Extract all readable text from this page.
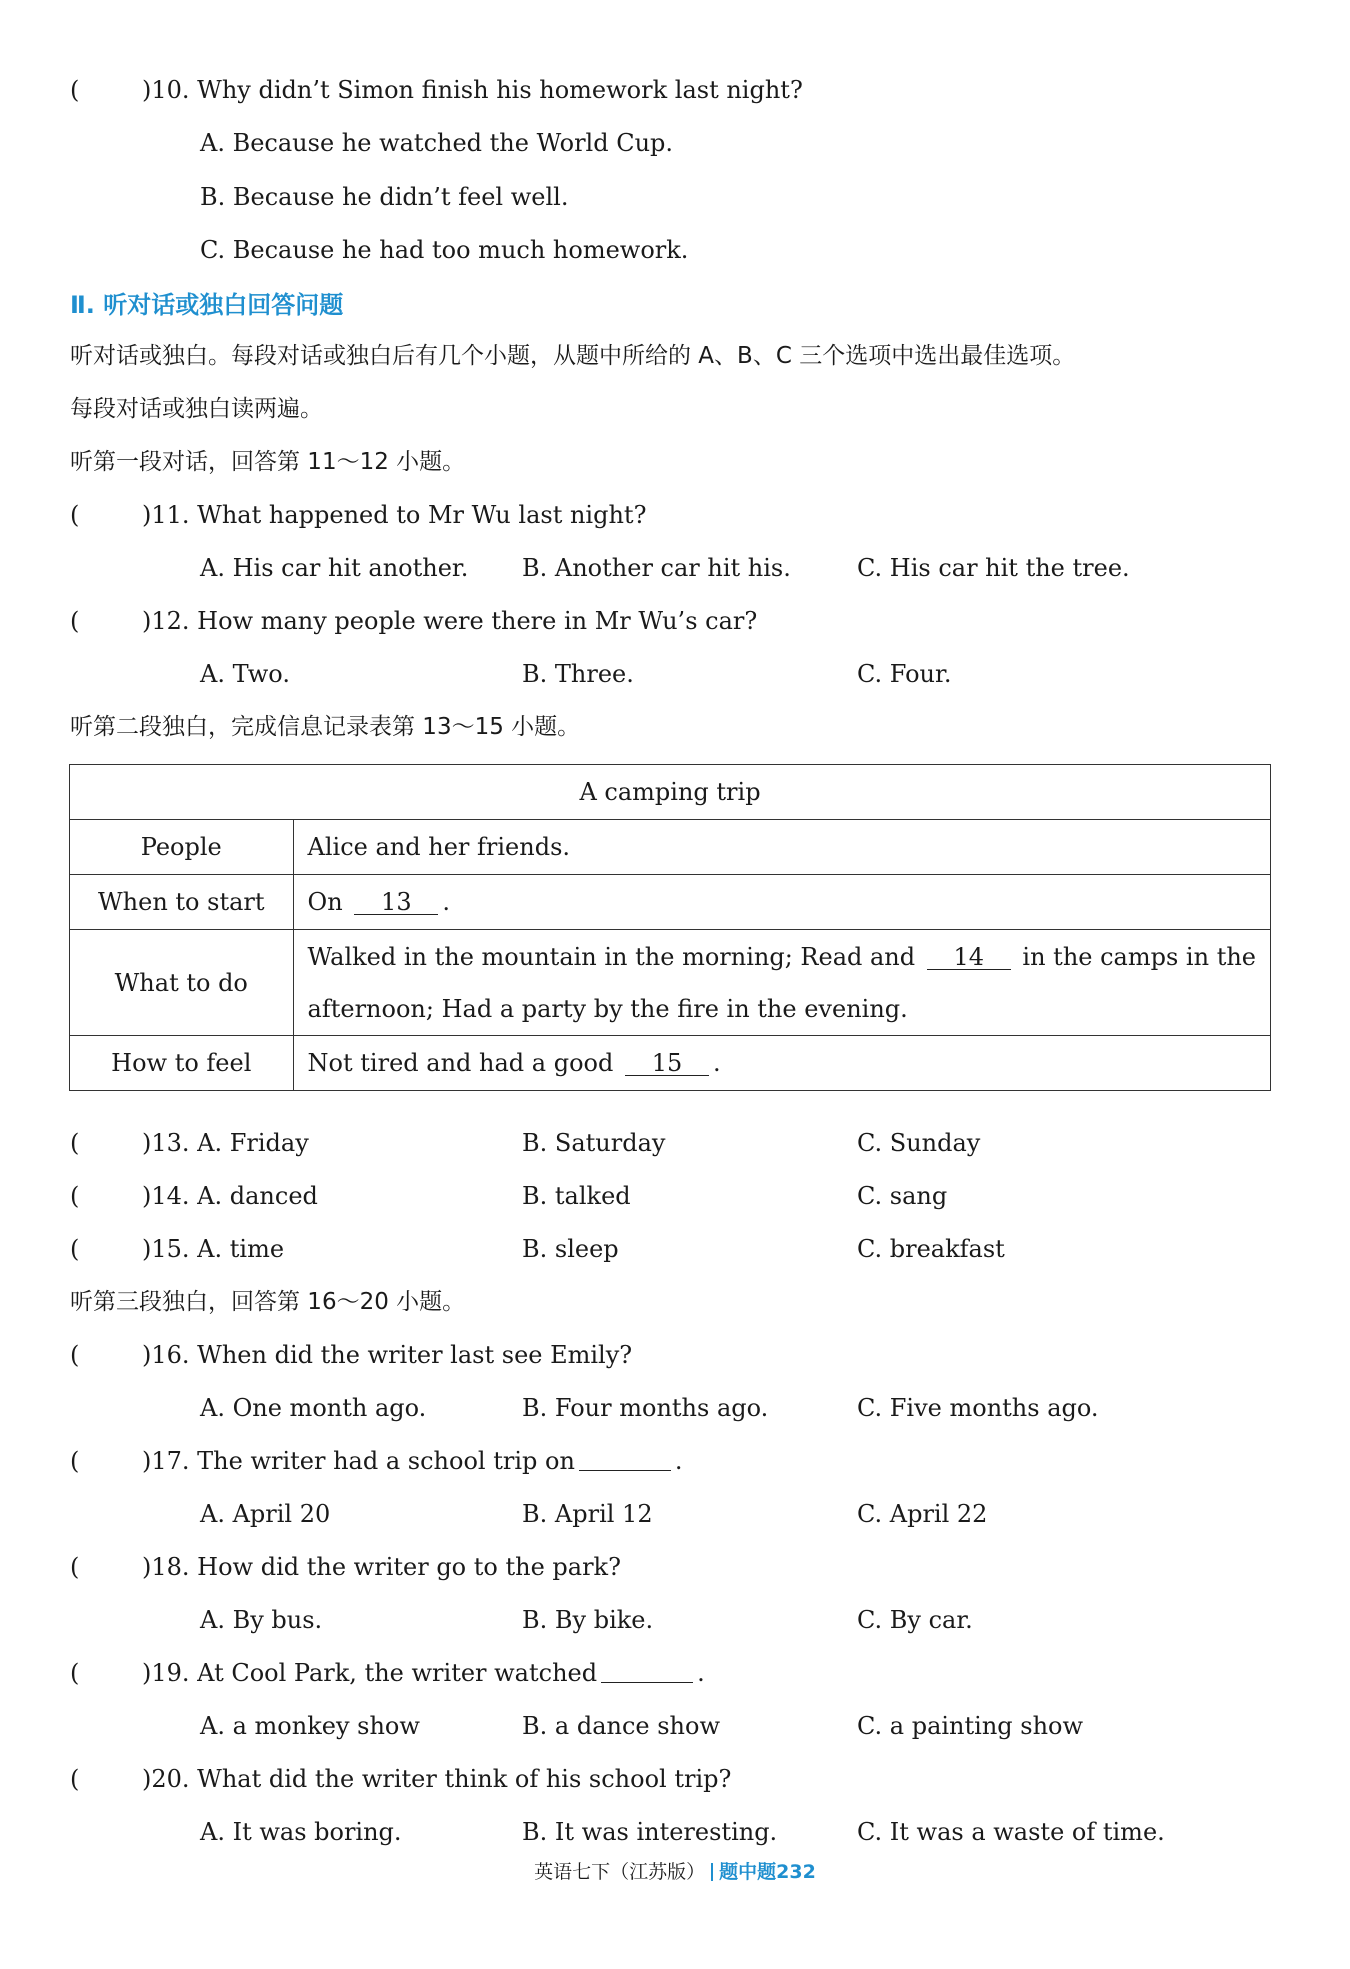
(	)10. Why didn’t Simon finish his homework last night?
A. Because he watched the World Cup.
B. Because he didn’t feel well.
C. Because he had too much homework.
Ⅱ. 听对话或独白回答问题
听对话或独白。每段对话或独白后有几个小题，从题中所给的 A、B、C 三个选项中选出最佳选项。
每段对话或独白读两遍。
听第一段对话，回答第 11～12 小题。
(	)11. What happened to Mr Wu last night?
A. His car hit another. B. Another car hit his.	C. His car hit the tree.
(	)12. How many people were there in Mr Wu’s car?
A. Two.	B. Three.	C. Four.
听第二段独白，完成信息记录表第 13～15 小题。
A camping trip	
People	Alice and her friends.
When to start	On 13 .
What to do	Walked in the mountain in the morning; Read and 14 in the camps in the
afternoon; Had a party by the fire in the evening.

How to feel	Not tired and had a good 15 .
(	)13. A. Friday	B. Saturday	C. Sunday
(	)14. A. danced	B. talked	C. sang
(	)15. A. time	B. sleep	C. breakfast
听第三段独白，回答第 16～20 小题。
(	)16. When did the writer last see Emily?
A. One month ago.	B. Four months ago.	C. Five months ago.
(	)17. The writer had a school trip on	.
A. April 20	B. April 12	C. April 22
(	)18. How did the writer go to the park?
A. By bus.	B. By bike.	C. By car.
(	)19. At Cool Park, the writer watched	.
A. a monkey show	B. a dance show	C. a painting show
(	)20. What did the writer think of his school trip?
A. It was boring.	B. It was interesting.	C. It was a waste of time.
英语七下（江苏版） 题中题232
